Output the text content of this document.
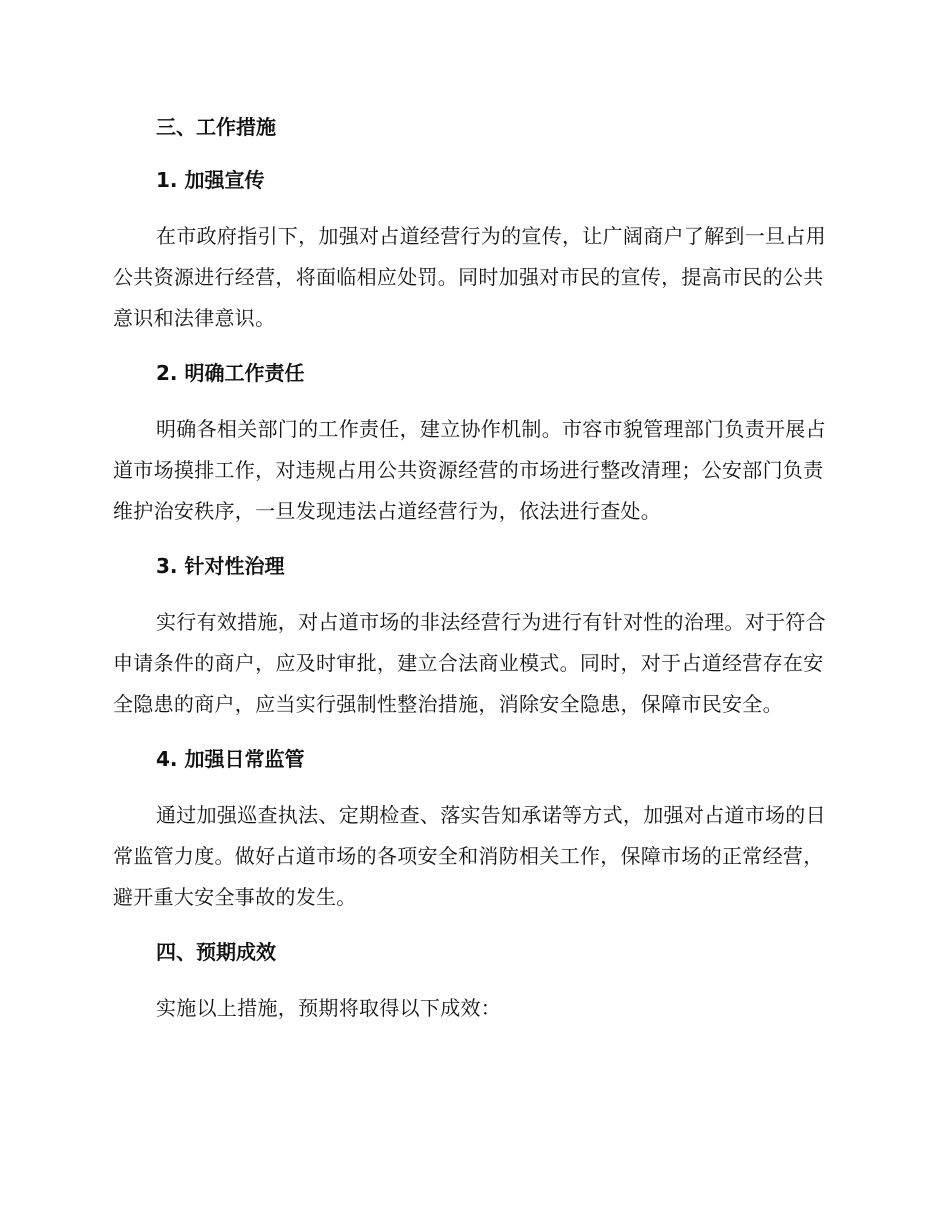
三、工作措施
1. 加强宣传
在市政府指引下，加强对占道经营行为的宣传，让广阔商户了解到一旦占用公共资源进行经营，将面临相应处罚。同时加强对市民的宣传，提高市民的公共意识和法律意识。
2. 明确工作责任
明确各相关部门的工作责任，建立协作机制。市容市貌管理部门负责开展占道市场摸排工作，对违规占用公共资源经营的市场进行整改清理；公安部门负责维护治安秩序，一旦发现违法占道经营行为，依法进行查处。
3. 针对性治理
实行有效措施，对占道市场的非法经营行为进行有针对性的治理。对于符合申请条件的商户，应及时审批，建立合法商业模式。同时，对于占道经营存在安全隐患的商户，应当实行强制性整治措施，消除安全隐患，保障市民安全。
4. 加强日常监管
通过加强巡查执法、定期检查、落实告知承诺等方式，加强对占道市场的日常监管力度。做好占道市场的各项安全和消防相关工作，保障市场的正常经营，避开重大安全事故的发生。
四、预期成效
实施以上措施，预期将取得以下成效：
